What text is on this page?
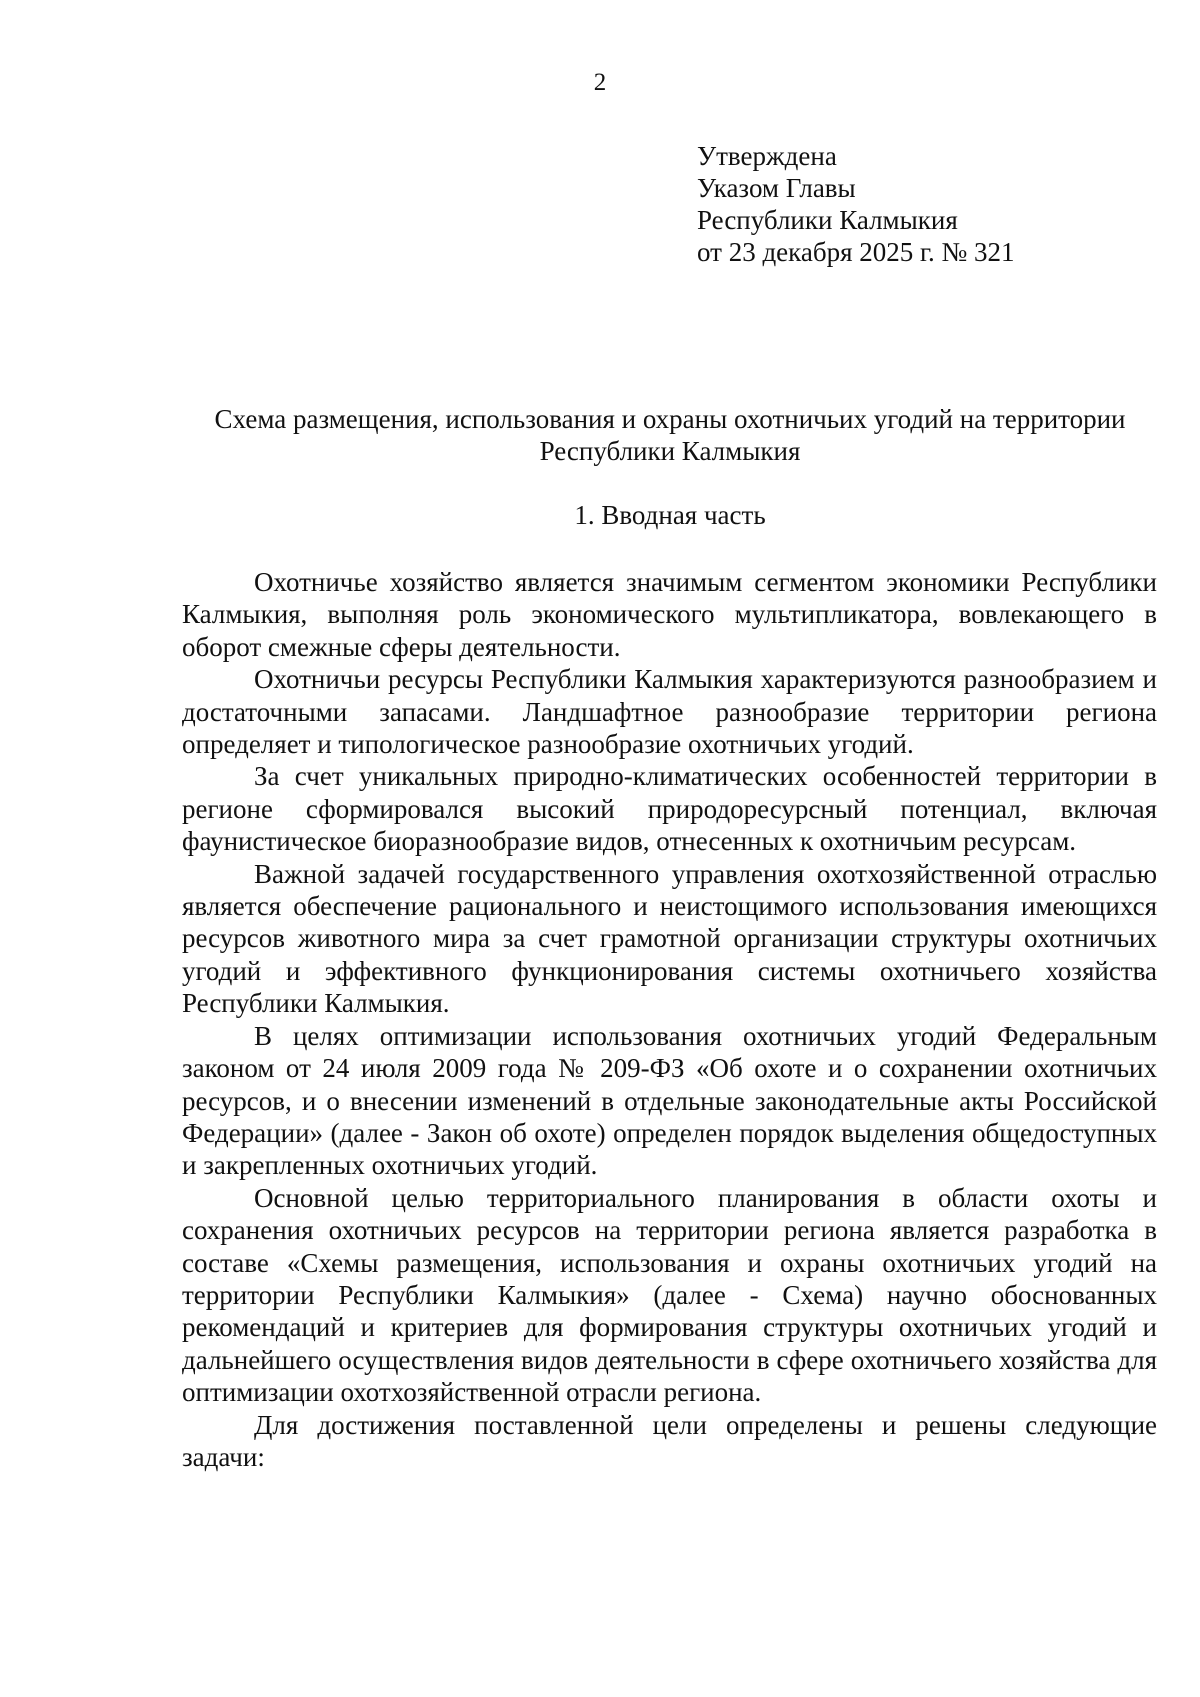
2
Утверждена
Указом Главы
Республики Калмыкия
от 23 декабря 2025 г. № 321
Схема размещения, использования и охраны охотничьих угодий на территории
Республики Калмыкия
1. Вводная часть

Охотничье хозяйство является значимым сегментом экономики Республики Калмыкия, выполняя роль экономического мультипликатора, вовлекающего в оборот смежные сферы деятельности.

Охотничьи ресурсы Республики Калмыкия характеризуются разнообразием и достаточными запасами. Ландшафтное разнообразие территории региона определяет и типологическое разнообразие охотничьих угодий.

За счет уникальных природно-климатических особенностей территории в регионе сформировался высокий природоресурсный потенциал, включая фаунистическое биоразнообразие видов, отнесенных к охотничьим ресурсам.

Важной задачей государственного управления охотхозяйственной отраслью является обеспечение рационального и неистощимого использования имеющихся ресурсов животного мира за счет грамотной организации структуры охотничьих угодий и эффективного функционирования системы охотничьего хозяйства Республики Калмыкия.

В целях оптимизации использования охотничьих угодий Федеральным законом от 24 июля 2009 года № 209-ФЗ «Об охоте и о сохранении охотничьих ресурсов, и о внесении изменений в отдельные законодательные акты Российской Федерации» (далее - Закон об охоте) определен порядок выделения общедоступных и закрепленных охотничьих угодий.

Основной целью территориального планирования в области охоты и сохранения охотничьих ресурсов на территории региона является разработка в составе «Схемы размещения, использования и охраны охотничьих угодий на территории Республики Калмыкия» (далее - Схема) научно обоснованных рекомендаций и критериев для формирования структуры охотничьих угодий и дальнейшего осуществления видов деятельности в сфере охотничьего хозяйства для оптимизации охотхозяйственной отрасли региона.

Для достижения поставленной цели определены и решены следующие задачи:
